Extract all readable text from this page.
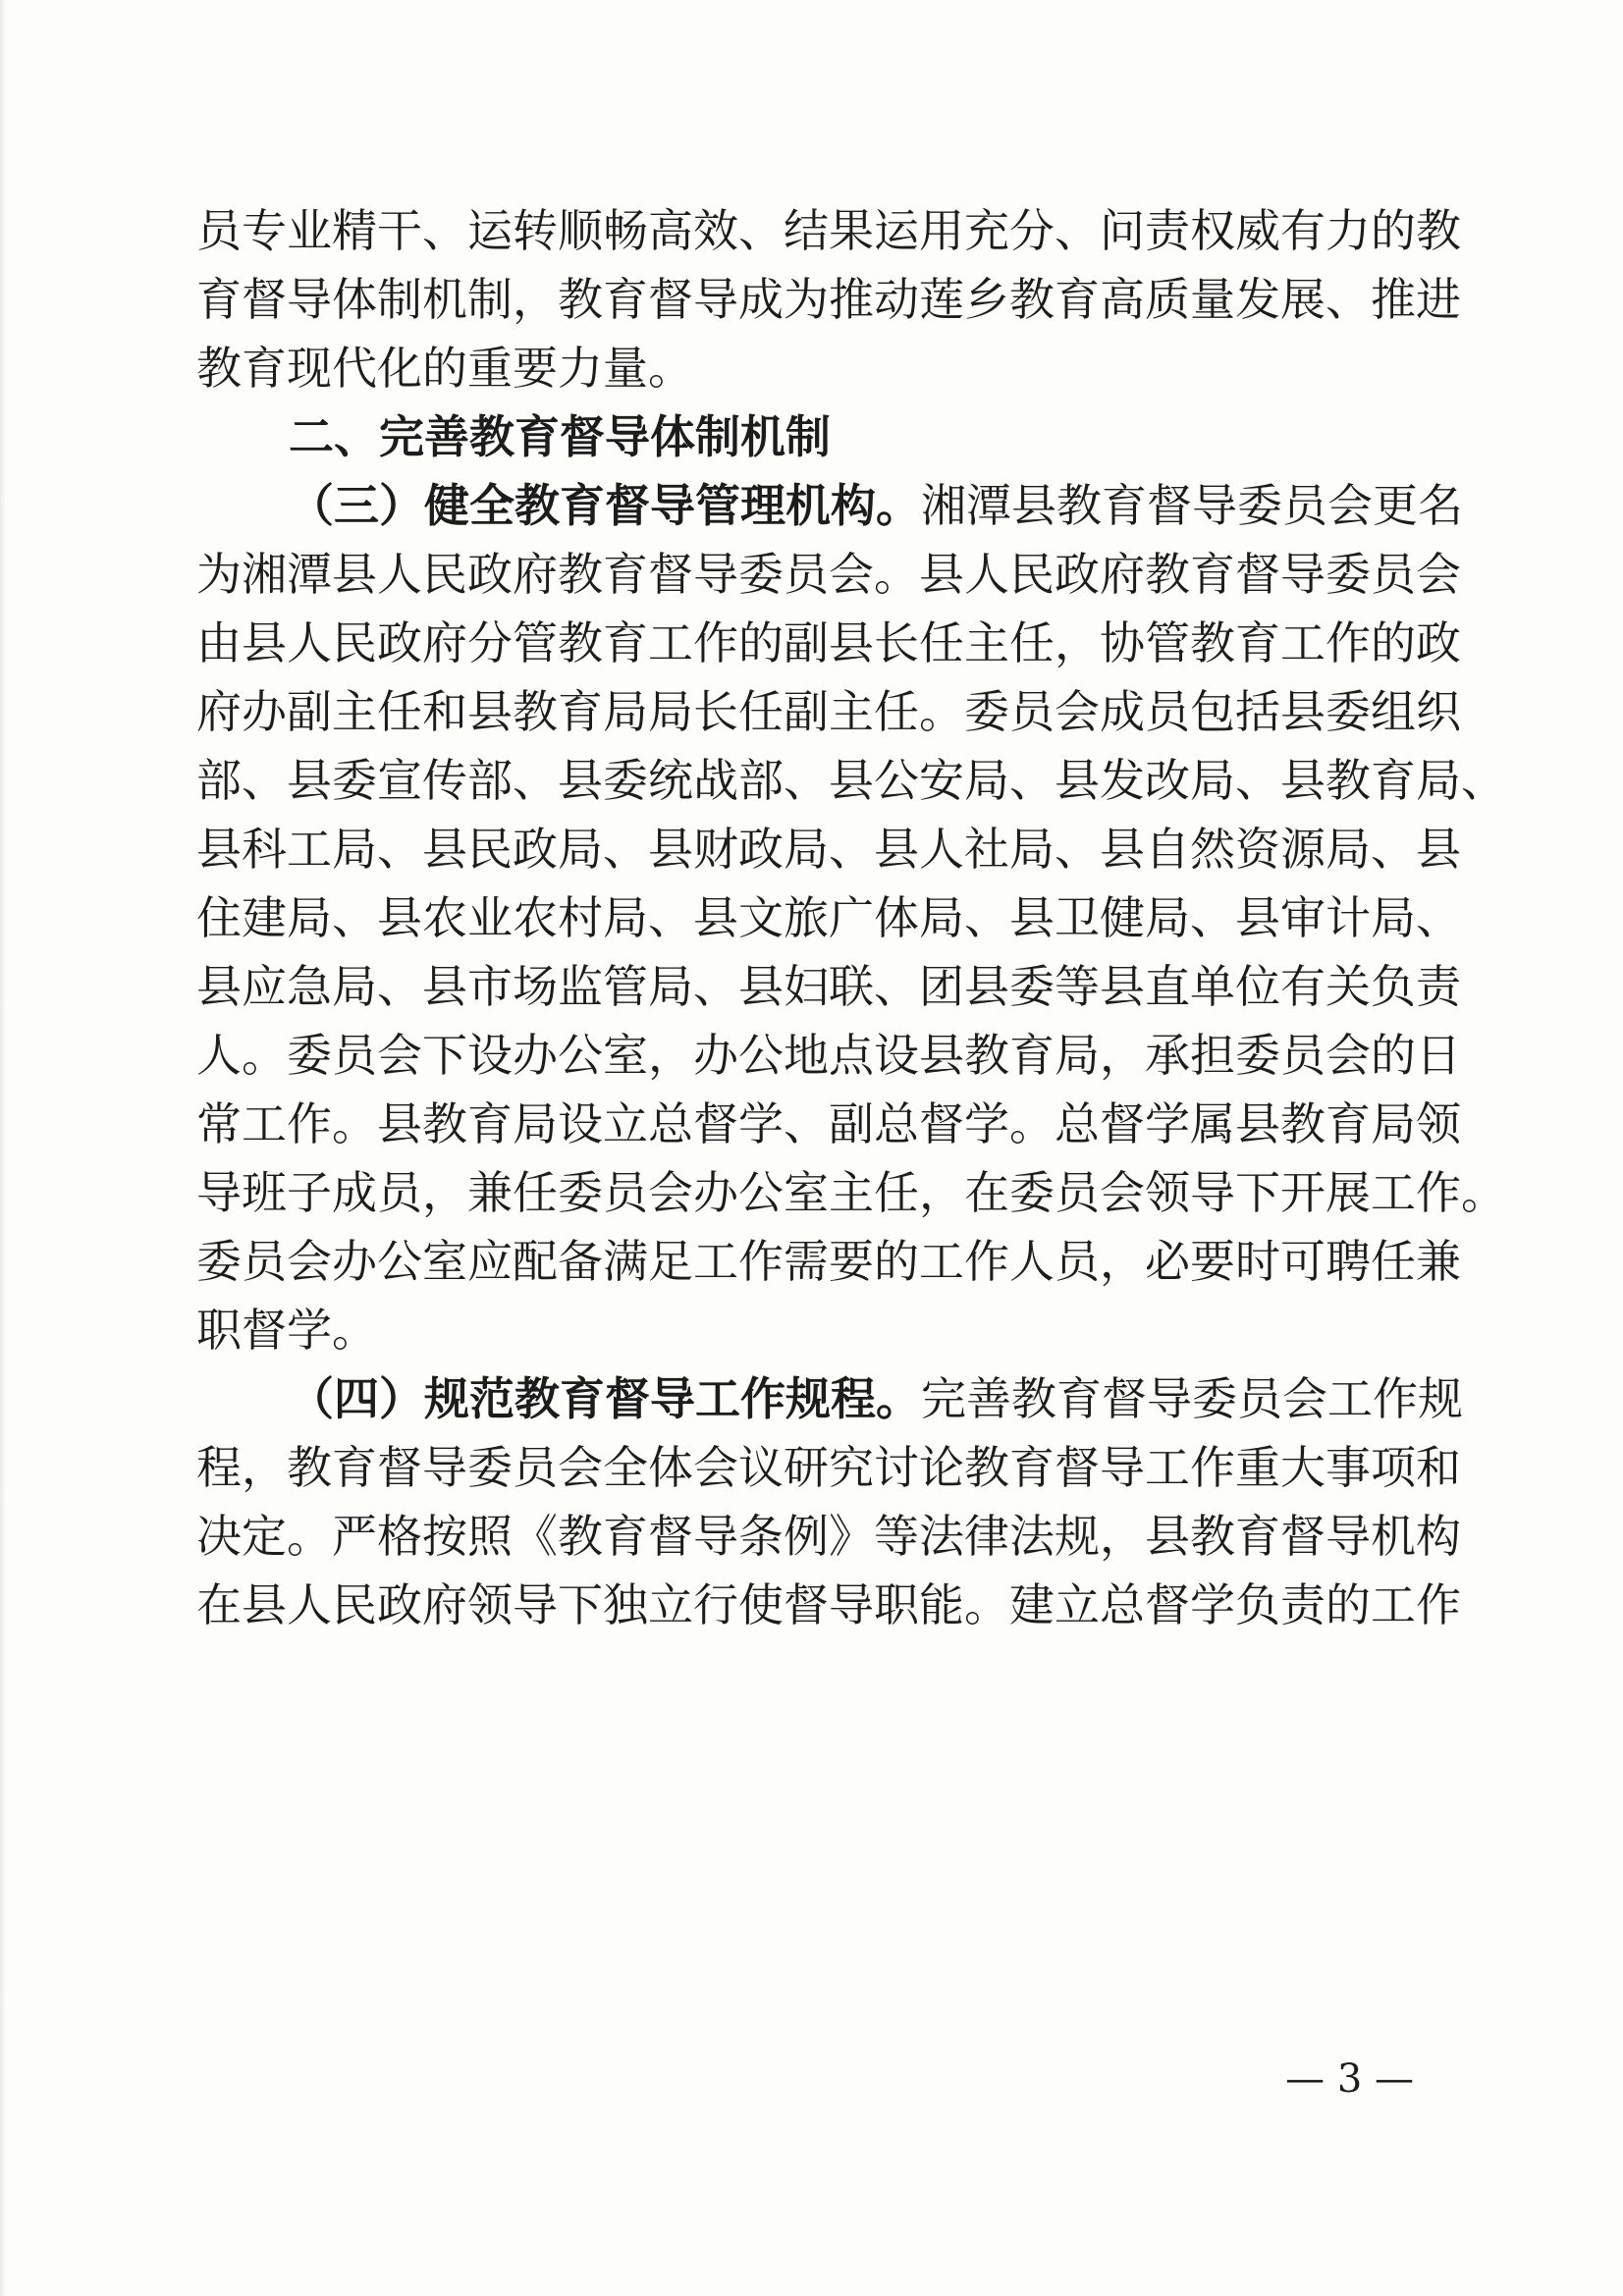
员专业精干、运转顺畅高效、结果运用充分、问责权威有力的教
育督导体制机制，教育督导成为推动莲乡教育高质量发展、推进
教育现代化的重要力量。
二、完善教育督导体制机制
（三）健全教育督导管理机构。湘潭县教育督导委员会更名
为湘潭县人民政府教育督导委员会。县人民政府教育督导委员会
由县人民政府分管教育工作的副县长任主任，协管教育工作的政
府办副主任和县教育局局长任副主任。委员会成员包括县委组织
部、县委宣传部、县委统战部、县公安局、县发改局、县教育局、
县科工局、县民政局、县财政局、县人社局、县自然资源局、县
住建局、县农业农村局、县文旅广体局、县卫健局、县审计局、
县应急局、县市场监管局、县妇联、团县委等县直单位有关负责
人。委员会下设办公室，办公地点设县教育局，承担委员会的日
常工作。县教育局设立总督学、副总督学。总督学属县教育局领
导班子成员，兼任委员会办公室主任，在委员会领导下开展工作。
委员会办公室应配备满足工作需要的工作人员，必要时可聘任兼
职督学。
（四）规范教育督导工作规程。完善教育督导委员会工作规
程，教育督导委员会全体会议研究讨论教育督导工作重大事项和
决定。严格按照《教育督导条例》等法律法规，县教育督导机构
在县人民政府领导下独立行使督导职能。建立总督学负责的工作
— 3 —
